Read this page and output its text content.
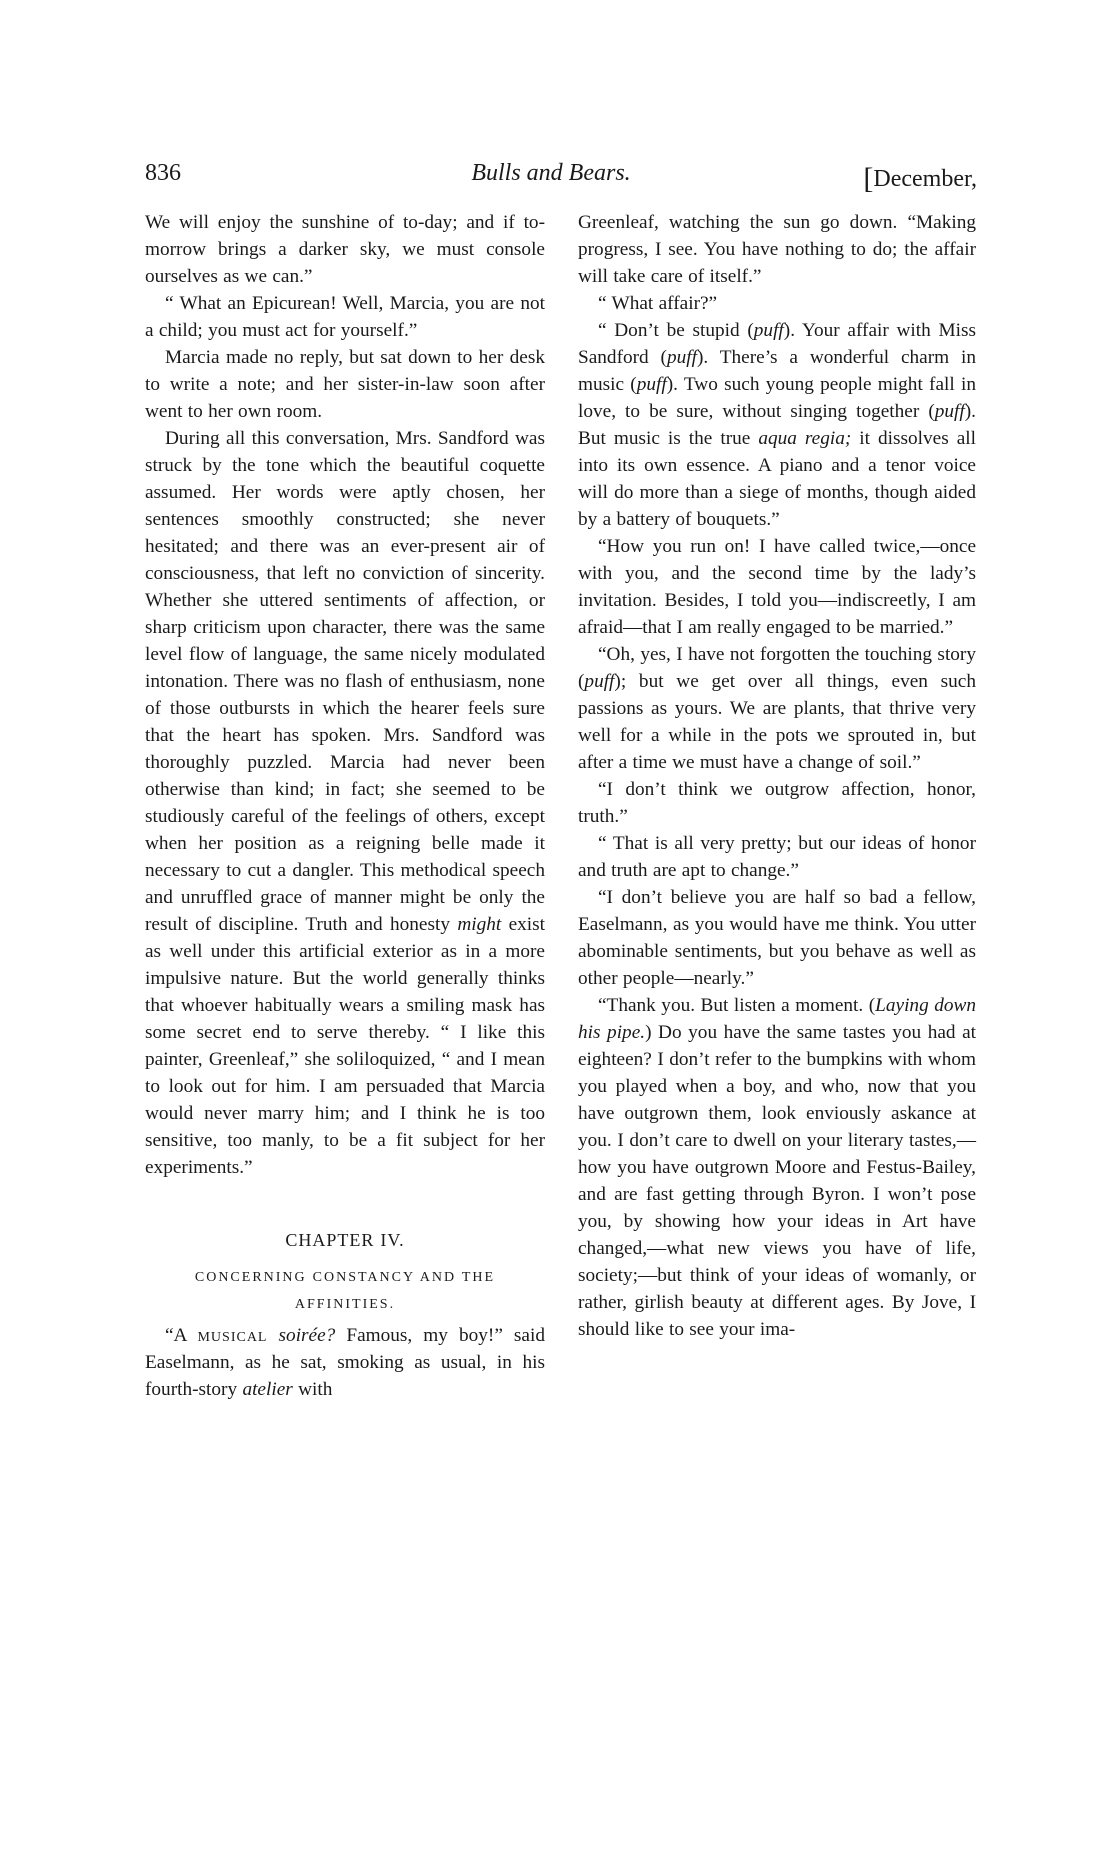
836	Bulls and Bears.	[December,

We will enjoy the sunshine of to-day; and if to-morrow brings a darker sky, we must console ourselves as we can.”

“ What an Epicurean! Well, Marcia, you are not a child; you must act for yourself.”

Marcia made no reply, but sat down to her desk to write a note; and her sister-in-law soon after went to her own room.

During all this conversation, Mrs. Sandford was struck by the tone which the beautiful coquette assumed. Her words were aptly chosen, her sentences smoothly constructed; she never hesitated; and there was an ever-present air of consciousness, that left no conviction of sincerity. Whether she uttered sentiments of affection, or sharp criticism upon character, there was the same level flow of language, the same nicely modulated intonation. There was no flash of enthusiasm, none of those outbursts in which the hearer feels sure that the heart has spoken. Mrs. Sandford was thoroughly puzzled. Marcia had never been otherwise than kind; in fact; she seemed to be studiously careful of the feelings of others, except when her position as a reigning belle made it necessary to cut a dangler. This methodical speech and unruffled grace of manner might be only the result of discipline. Truth and honesty might exist as well under this artificial exterior as in a more impulsive nature. But the world generally thinks that whoever habitually wears a smiling mask has some secret end to serve thereby. “ I like this painter, Greenleaf,” she soliloquized, “ and I mean to look out for him. I am persuaded that Marcia would never marry him; and I think he is too sensitive, too manly, to be a fit subject for her experiments.”

CHAPTER IV.
CONCERNING CONSTANCY AND THE
AFFINITIES.

“A musical soirée? Famous, my boy!” said Easelmann, as he sat, smoking as usual, in his fourth-story atelier with

Greenleaf, watching the sun go down. “Making progress, I see. You have nothing to do; the affair will take care of itself.”

“ What affair?”

“ Don’t be stupid (puff). Your affair with Miss Sandford (puff). There’s a wonderful charm in music (puff). Two such young people might fall in love, to be sure, without singing together (puff). But music is the true aqua regia; it dissolves all into its own essence. A piano and a tenor voice will do more than a siege of months, though aided by a battery of bouquets.”

“How you run on! I have called twice,—once with you, and the second time by the lady’s invitation. Besides, I told you—indiscreetly, I am afraid—that I am really engaged to be married.”

“Oh, yes, I have not forgotten the touching story (puff); but we get over all things, even such passions as yours. We are plants, that thrive very well for a while in the pots we sprouted in, but after a time we must have a change of soil.”

“I don’t think we outgrow affection, honor, truth.”

“ That is all very pretty; but our ideas of honor and truth are apt to change.”

“I don’t believe you are half so bad a fellow, Easelmann, as you would have me think. You utter abominable sentiments, but you behave as well as other people—nearly.”

“Thank you. But listen a moment. (Laying down his pipe.) Do you have the same tastes you had at eighteen? I don’t refer to the bumpkins with whom you played when a boy, and who, now that you have outgrown them, look enviously askance at you. I don’t care to dwell on your literary tastes,—how you have outgrown Moore and Festus-Bailey, and are fast getting through Byron. I won’t pose you, by showing how your ideas in Art have changed,—what new views you have of life, society;—but think of your ideas of womanly, or rather, girlish beauty at different ages. By Jove, I should like to see your ima-
